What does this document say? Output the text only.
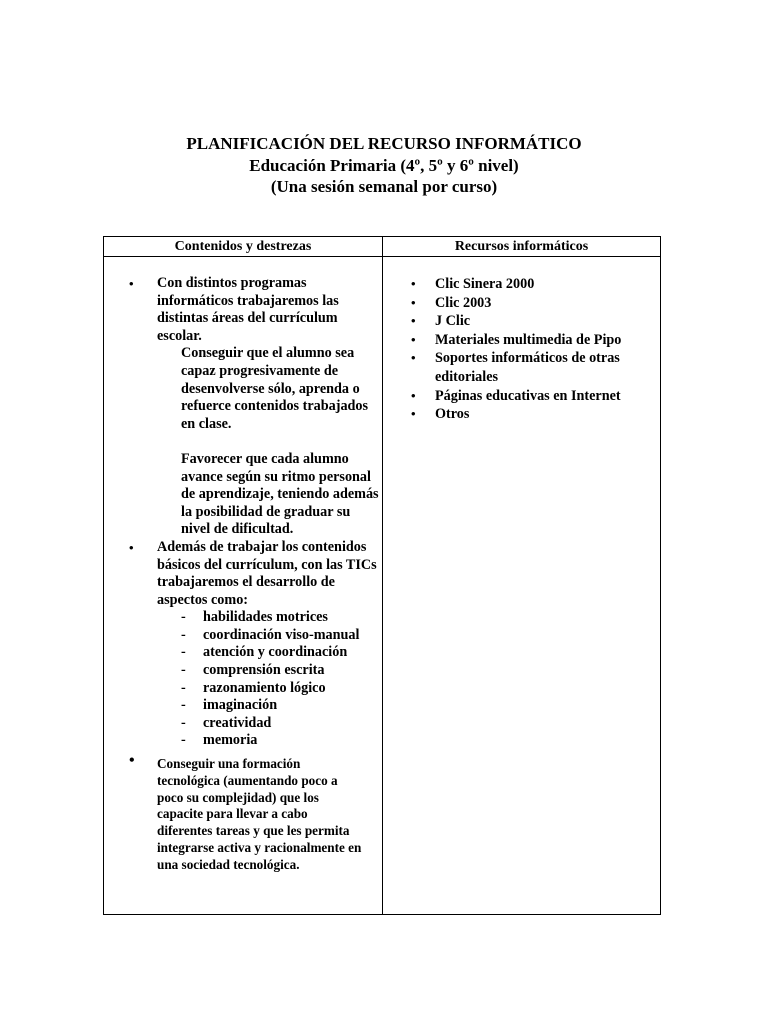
PLANIFICACIÓN DEL RECURSO INFORMÁTICO
Educación Primaria (4º, 5º y 6º nivel)
(Una sesión semanal por curso)
Contenidos y destrezas	Recursos informáticos
• Con distintos programas informáticos trabajaremos las distintas áreas del currículum escolar.
Conseguir que el alumno sea capaz progresivamente de desenvolverse sólo, aprenda o refuerce contenidos trabajados en clase.
Favorecer que cada alumno avance según su ritmo personal de aprendizaje, teniendo además la posibilidad de graduar su nivel de dificultad.
• Además de trabajar los contenidos básicos del currículum, con las TICs trabajaremos el desarrollo de aspectos como:
- habilidades motrices
- coordinación viso-manual
- atención y coordinación
- comprensión escrita
- razonamiento lógico
- imaginación
- creatividad
- memoria
• Conseguir una formación tecnológica (aumentando poco a poco su complejidad) que los capacite para llevar a cabo diferentes tareas y que les permita integrarse activa y racionalmente en una sociedad tecnológica.
• Clic Sinera 2000
• Clic 2003
• J Clic
• Materiales multimedia de Pipo
• Soportes informáticos de otras editoriales
• Páginas educativas en Internet
• Otros
